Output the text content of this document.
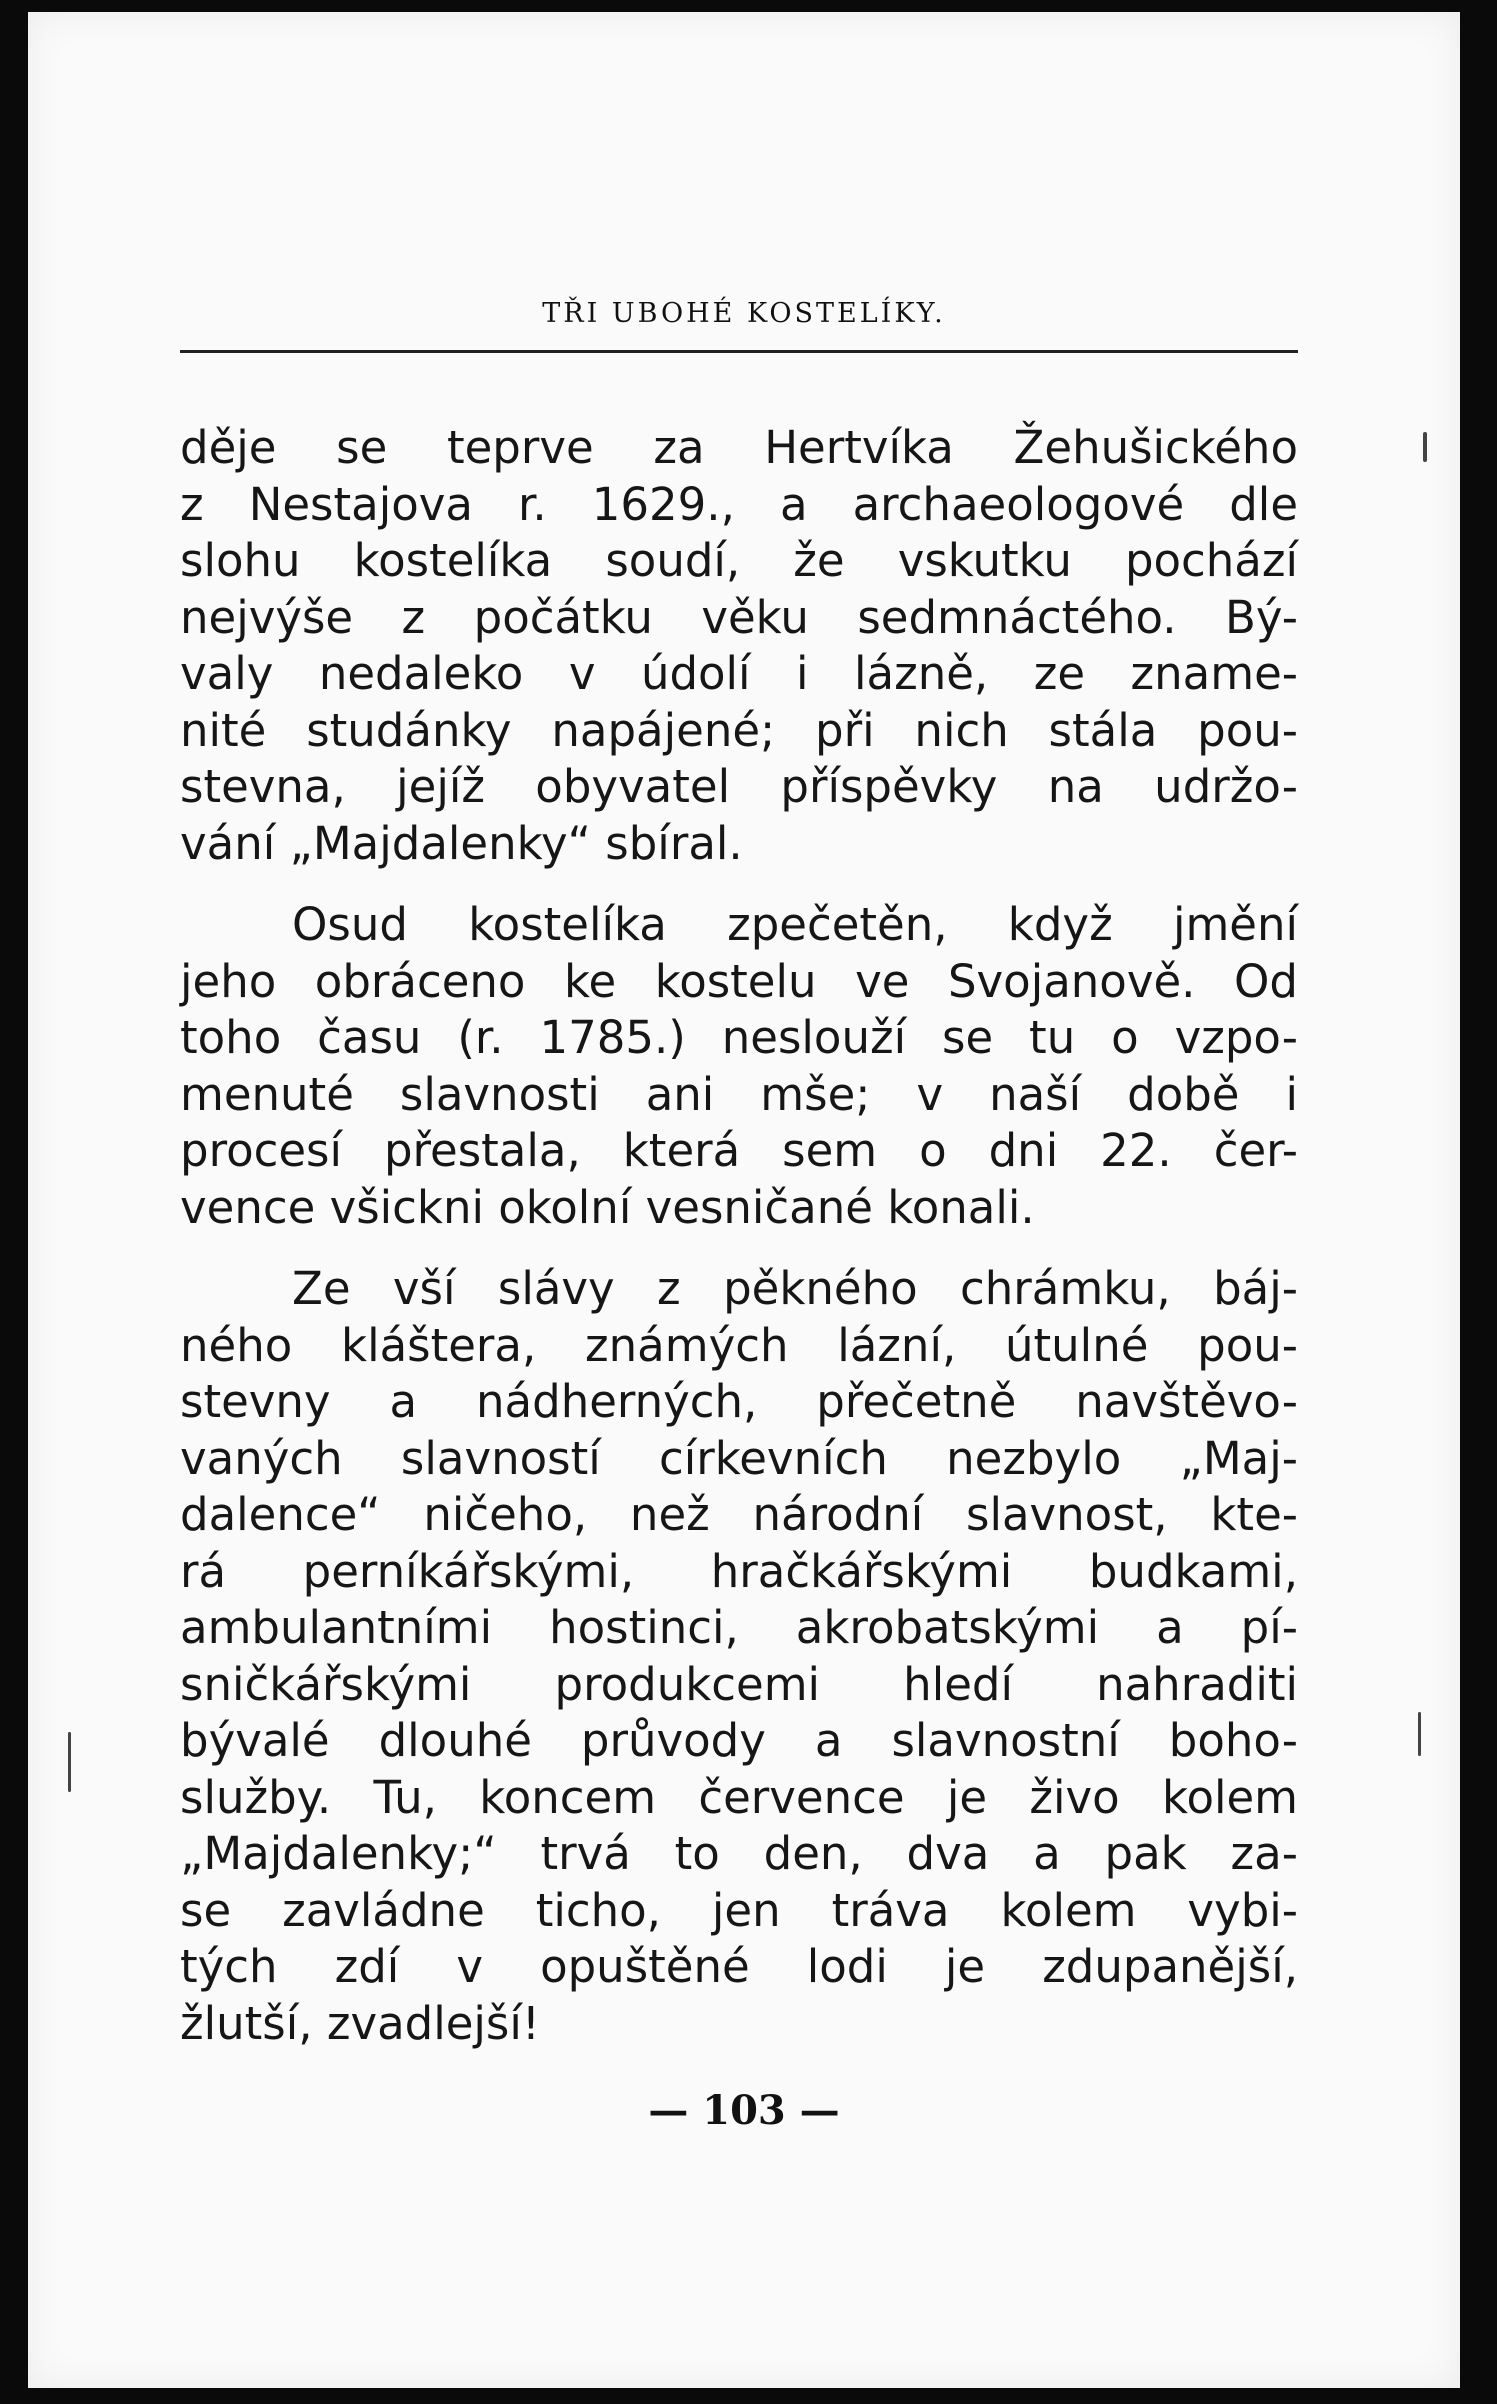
TŘI UBOHÉ KOSTELÍKY.
děje se teprve za Hertvíka Žehušického
z Nestajova r. 1629., a archaeologové dle
slohu kostelíka soudí, že vskutku pochází
nejvýše z počátku věku sedmnáctého. Bý-
valy nedaleko v údolí i lázně, ze zname-
nité studánky napájené; při nich stála pou-
stevna, jejíž obyvatel příspěvky na udržo-
vání „Majdalenky“ sbíral.
Osud kostelíka zpečetěn, když jmění
jeho obráceno ke kostelu ve Svojanově. Od
toho času (r. 1785.) neslouží se tu o vzpo-
menuté slavnosti ani mše; v naší době i
procesí přestala, která sem o dni 22. čer-
vence všickni okolní vesničané konali.
Ze vší slávy z pěkného chrámku, báj-
ného kláštera, známých lázní, útulné pou-
stevny a nádherných, přečetně navštěvo-
vaných slavností církevních nezbylo „Maj-
dalence“ ničeho, než národní slavnost, kte-
rá perníkářskými, hračkářskými budkami,
ambulantními hostinci, akrobatskými a pí-
sničkářskými produkcemi hledí nahraditi
bývalé dlouhé průvody a slavnostní boho-
služby. Tu, koncem července je živo kolem
„Majdalenky;“ trvá to den, dva a pak za-
se zavládne ticho, jen tráva kolem vybi-
tých zdí v opuštěné lodi je zdupanější,
žlutší, zvadlejší!
— 103 —
